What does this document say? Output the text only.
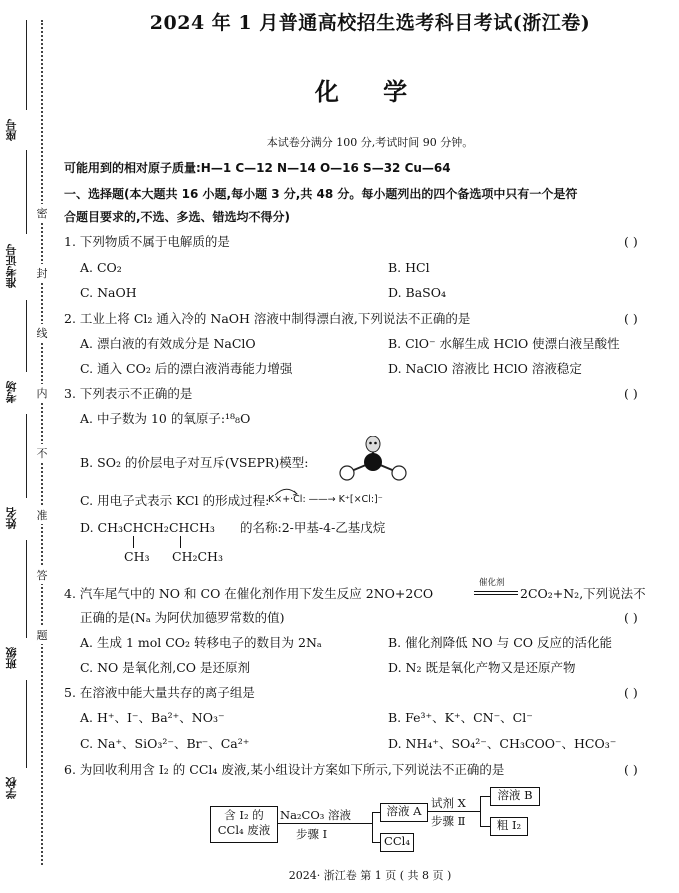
座号
准考证号
考场
姓名
班级
学校
密
封
线
内
不
准
答
题
2024 年 1 月普通高校招生选考科目考试(浙江卷)
化 学
本试卷分满分 100 分,考试时间 90 分钟。
可能用到的相对原子质量:H—1 C—12 N—14 O—16 S—32 Cu—64
一、选择题(本大题共 16 小题,每小题 3 分,共 48 分。每小题列出的四个备选项中只有一个是符
合题目要求的,不选、多选、错选均不得分)
1. 下列物质不属于电解质的是	( )
A. CO₂	B. HCl
C. NaOH	D. BaSO₄
2. 工业上将 Cl₂ 通入冷的 NaOH 溶液中制得漂白液,下列说法不正确的是	( )
A. 漂白液的有效成分是 NaClO	B. ClO⁻ 水解生成 HClO 使漂白液呈酸性
C. 通入 CO₂ 后的漂白液消毒能力增强	D. NaClO 溶液比 HClO 溶液稳定
3. 下列表示不正确的是	( )
A. 中子数为 10 的氧原子:¹⁸₈O
B. SO₂ 的价层电子对互斥(VSEPR)模型:
C. 用电子式表示 KCl 的形成过程:
K×+·Cl: ——→ K⁺[×Cl:]⁻
D. CH₃CHCH₂CHCH₃ 的名称:2-甲基-4-乙基戊烷
CH₃ CH₂CH₃
4. 汽车尾气中的 NO 和 CO 在催化剂作用下发生反应 2NO+2CO
催化剂
2CO₂+N₂,下列说法不
正确的是(Nₐ 为阿伏加德罗常数的值)	( )
A. 生成 1 mol CO₂ 转移电子的数目为 2Nₐ	B. 催化剂降低 NO 与 CO 反应的活化能
C. NO 是氧化剂,CO 是还原剂	D. N₂ 既是氧化产物又是还原产物
5. 在溶液中能大量共存的离子组是	( )
A. H⁺、I⁻、Ba²⁺、NO₃⁻	B. Fe³⁺、K⁺、CN⁻、Cl⁻
C. Na⁺、SiO₃²⁻、Br⁻、Ca²⁺	D. NH₄⁺、SO₄²⁻、CH₃COO⁻、HCO₃⁻
6. 为回收利用含 I₂ 的 CCl₄ 废液,某小组设计方案如下所示,下列说法不正确的是	( )
含 I₂ 的
CCl₄ 废液
Na₂CO₃ 溶液
步骤 Ⅰ
溶液 A
CCl₄
试剂 X
步骤 Ⅱ
溶液 B
粗 I₂
2024· 浙江卷 第 1 页 ( 共 8 页 )
